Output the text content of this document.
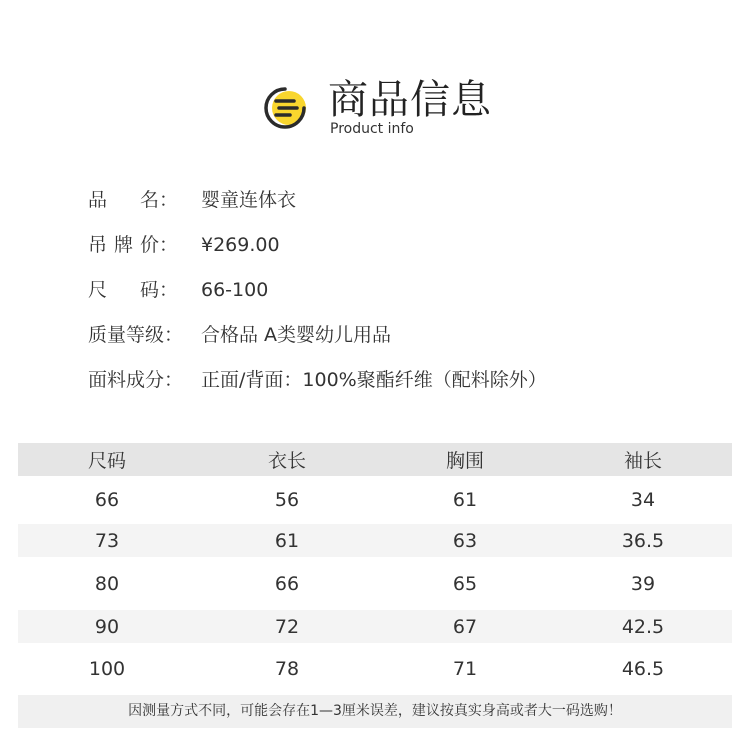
商品信息
Product info
品 名： 婴童连体衣
吊 牌 价： ¥269.00
尺 码： 66-100
质量等级： 合格品 A类婴幼儿用品
面料成分： 正面/背面：100%聚酯纤维（配料除外）
尺码	衣长	胸围	袖长
66	56	61	34
73	61	63	36.5
80	66	65	39
90	72	67	42.5
100	78	71	46.5
因测量方式不同，可能会存在1—3厘米误差，建议按真实身高或者大一码选购！
